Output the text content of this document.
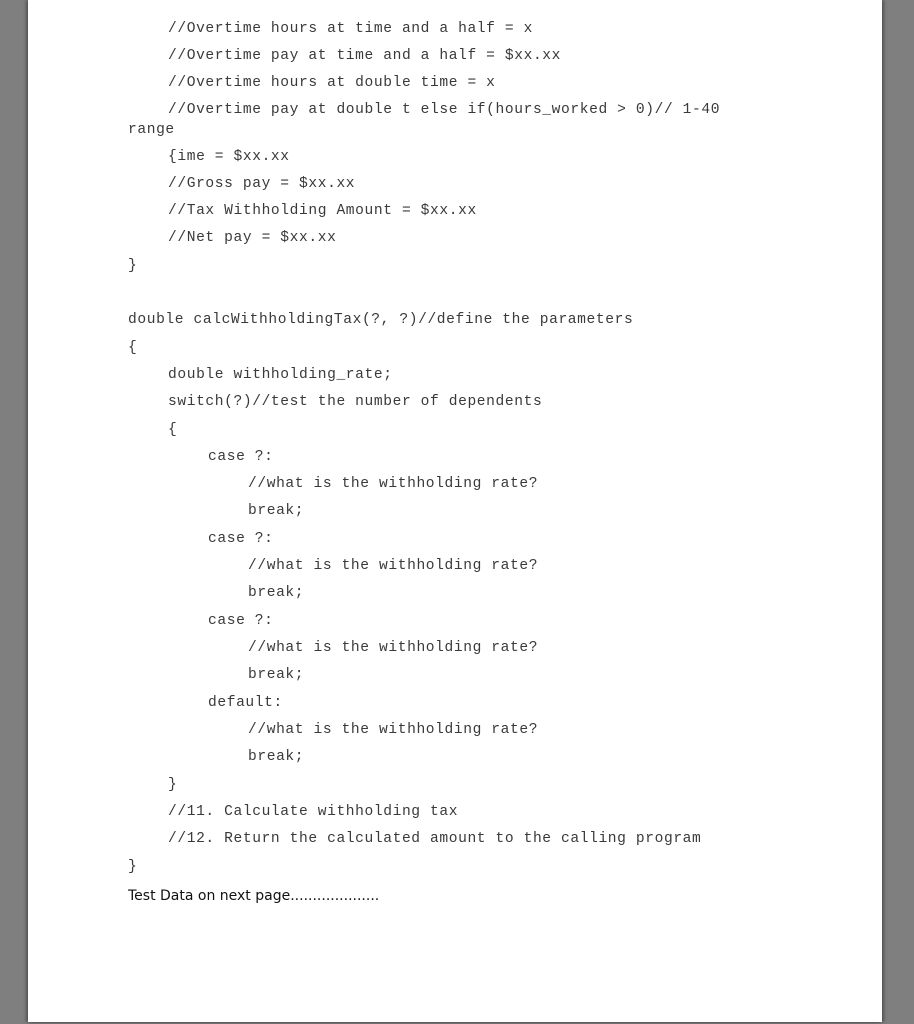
//Overtime hours at time and a half = x
//Overtime pay at time and a half = $xx.xx
//Overtime hours at double time = x
//Overtime pay at double t else if(hours_worked > 0)// 1-40
range
{ime = $xx.xx
//Gross pay = $xx.xx
//Tax Withholding Amount = $xx.xx
//Net pay = $xx.xx
}
double calcWithholdingTax(?, ?)//define the parameters
{
double withholding_rate;
switch(?)//test the number of dependents
{
case ?:
//what is the withholding rate?
break;
case ?:
//what is the withholding rate?
break;
case ?:
//what is the withholding rate?
break;
default:
//what is the withholding rate?
break;
}
//11. Calculate withholding tax
//12. Return the calculated amount to the calling program
}
Test Data on next page....................
